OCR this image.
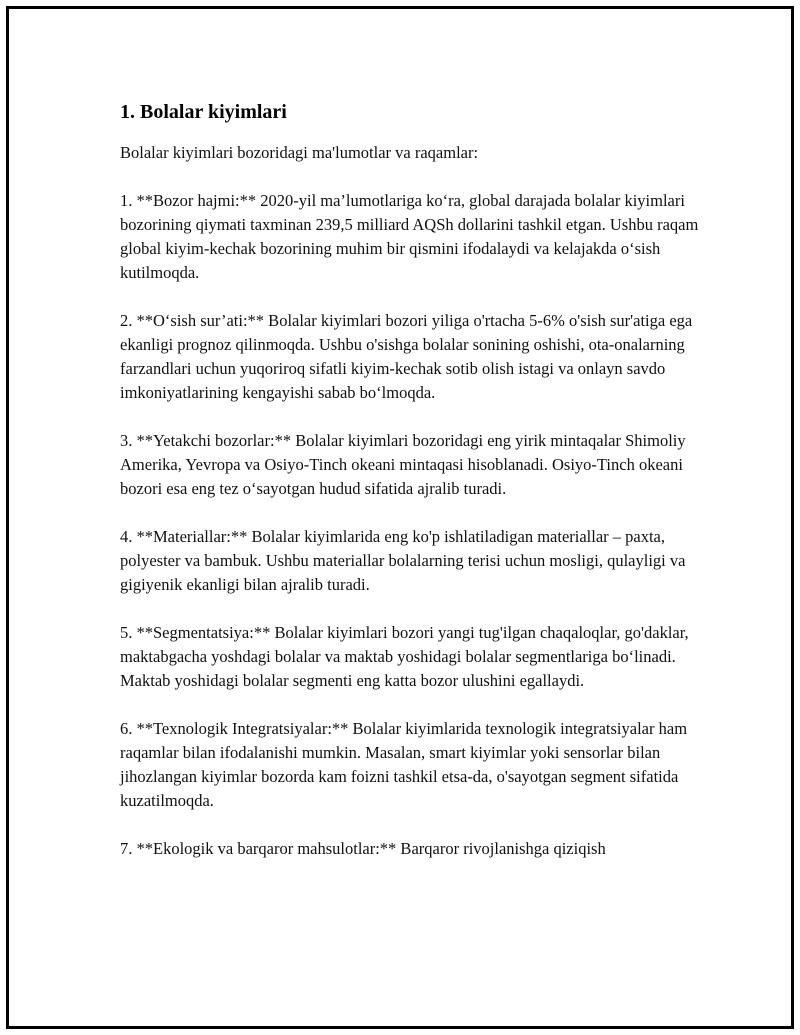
1. Bolalar kiyimlari
Bolalar kiyimlari bozoridagi ma'lumotlar va raqamlar:
1. **Bozor hajmi:** 2020-yil ma’lumotlariga ko‘ra, global darajada bolalar kiyimlari bozorining qiymati taxminan 239,5 milliard AQSh dollarini tashkil etgan. Ushbu raqam global kiyim-kechak bozorining muhim bir qismini ifodalaydi va kelajakda o‘sish kutilmoqda.
2. **O‘sish sur’ati:** Bolalar kiyimlari bozori yiliga o'rtacha 5-6% o'sish sur'atiga ega ekanligi prognoz qilinmoqda. Ushbu o'sishga bolalar sonining oshishi, ota-onalarning farzandlari uchun yuqoriroq sifatli kiyim-kechak sotib olish istagi va onlayn savdo imkoniyatlarining kengayishi sabab bo‘lmoqda.
3. **Yetakchi bozorlar:** Bolalar kiyimlari bozoridagi eng yirik mintaqalar Shimoliy Amerika, Yevropa va Osiyo-Tinch okeani mintaqasi hisoblanadi. Osiyo-Tinch okeani bozori esa eng tez o‘sayotgan hudud sifatida ajralib turadi.
4. **Materiallar:** Bolalar kiyimlarida eng ko'p ishlatiladigan materiallar – paxta, polyester va bambuk. Ushbu materiallar bolalarning terisi uchun mosligi, qulayligi va gigiyenik ekanligi bilan ajralib turadi.
5. **Segmentatsiya:** Bolalar kiyimlari bozori yangi tug'ilgan chaqaloqlar, go'daklar, maktabgacha yoshdagi bolalar va maktab yoshidagi bolalar segmentlariga bo‘linadi. Maktab yoshidagi bolalar segmenti eng katta bozor ulushini egallaydi.
6. **Texnologik Integratsiyalar:** Bolalar kiyimlarida texnologik integratsiyalar ham raqamlar bilan ifodalanishi mumkin. Masalan, smart kiyimlar yoki sensorlar bilan jihozlangan kiyimlar bozorda kam foizni tashkil etsa-da, o'sayotgan segment sifatida kuzatilmoqda.
7. **Ekologik va barqaror mahsulotlar:** Barqaror rivojlanishga qiziqish
